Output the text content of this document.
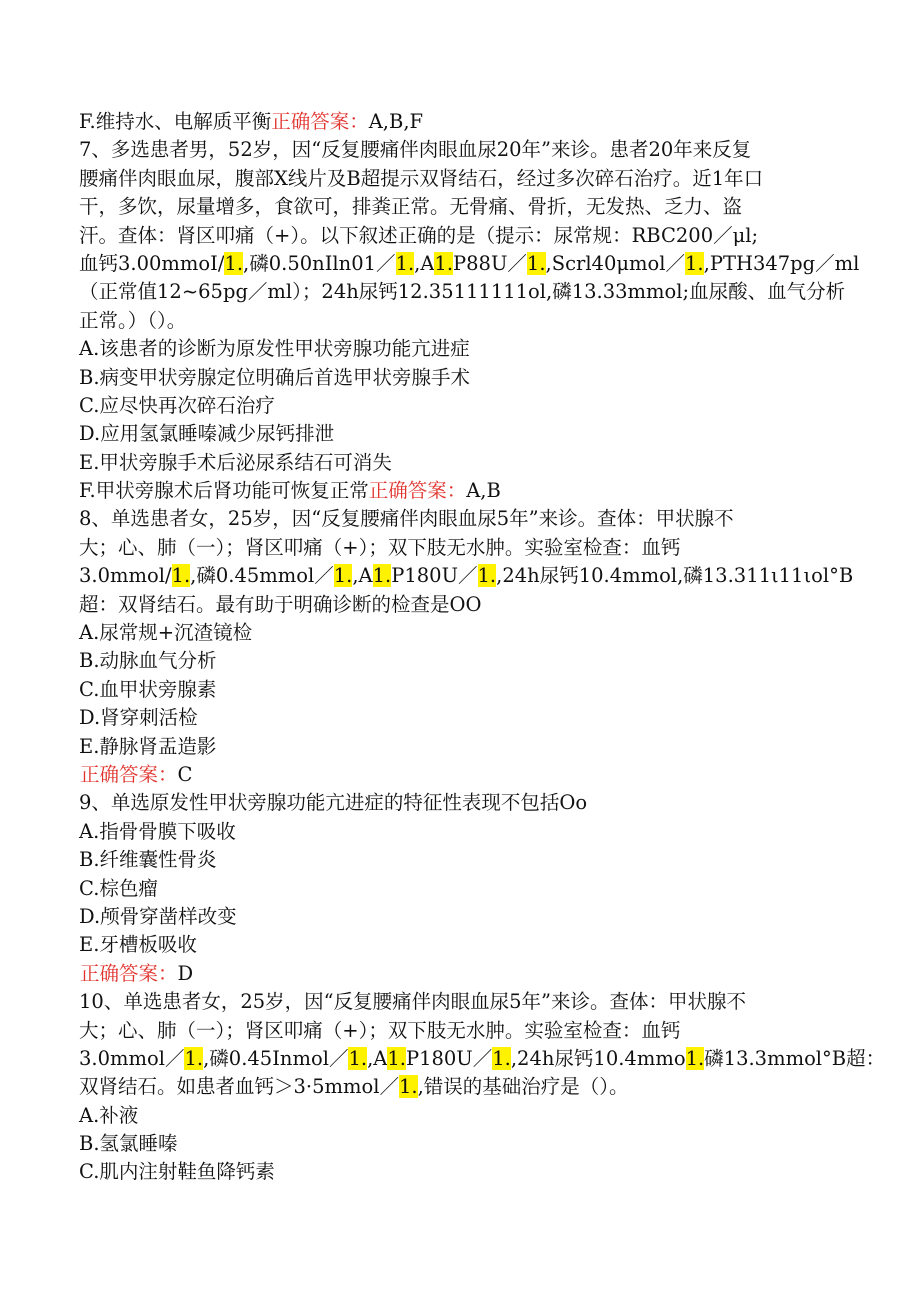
F.维持水、电解质平衡正确答案：A,B,F
7、多选患者男，52岁，因“反复腰痛伴肉眼血尿20年”来诊。患者20年来反复
腰痛伴肉眼血尿，腹部X线片及B超提示双肾结石，经过多次碎石治疗。近1年口
干，多饮，尿量增多，食欲可，排粪正常。无骨痛、骨折，无发热、乏力、盗
汗。查体：肾区叩痛（+）。以下叙述正确的是（提示：尿常规：RBC200／μl;
血钙3.00mmoI/1.,磷0.50nIln01／1.,A1.P88U／1.,Scrl40μmol／1.,PTH347pg／ml
（正常值12~65pg／ml）；24h尿钙12.35111111ol,磷13.33mmol;血尿酸、血气分析
正常。）（）。
A.该患者的诊断为原发性甲状旁腺功能亢进症
B.病变甲状旁腺定位明确后首选甲状旁腺手术
C.应尽快再次碎石治疗
D.应用氢氯睡嗪减少尿钙排泄
E.甲状旁腺手术后泌尿系结石可消失
F.甲状旁腺术后肾功能可恢复正常正确答案：A,B
8、单选患者女，25岁，因“反复腰痛伴肉眼血尿5年”来诊。查体：甲状腺不
大；心、肺（一）；肾区叩痛（+）；双下肢无水肿。实验室检查：血钙
3.0mmol/1.,磷0.45mmol／1.,A1.P180U／1.,24h尿钙10.4mmol,磷13.311ι11ιol°B
超：双肾结石。最有助于明确诊断的检查是OO
A.尿常规+沉渣镜检
B.动脉血气分析
C.血甲状旁腺素
D.肾穿刺活检
E.静脉肾盂造影
正确答案：C
9、单选原发性甲状旁腺功能亢进症的特征性表现不包括Oo
A.指骨骨膜下吸收
B.纤维囊性骨炎
C.棕色瘤
D.颅骨穿凿样改变
E.牙槽板吸收
正确答案：D
10、单选患者女，25岁，因“反复腰痛伴肉眼血尿5年”来诊。查体：甲状腺不
大；心、肺（一）；肾区叩痛（+）；双下肢无水肿。实验室检查：血钙
3.0mmol／1.,磷0.45Inmol／1.,A1.P180U／1.,24h尿钙10.4mmo1.磷13.3mmol°B超：
双肾结石。如患者血钙＞3·5mmol／1.,错误的基础治疗是（）。
A.补液
B.氢氯睡嗪
C.肌内注射鞋鱼降钙素
